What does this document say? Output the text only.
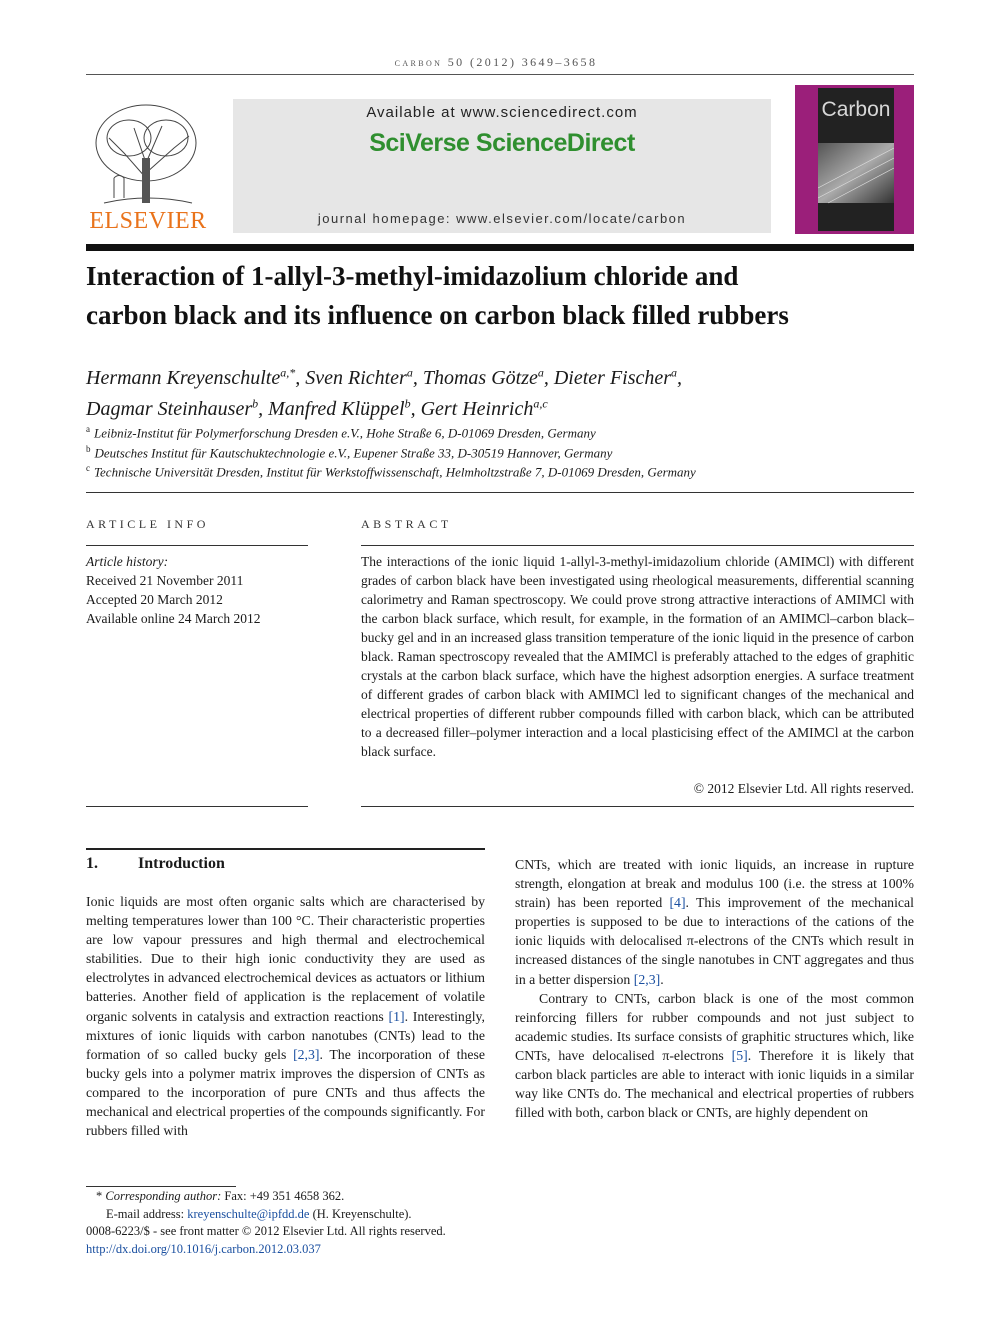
carbon 50 (2012) 3649–3658
ELSEVIER
Available at www.sciencedirect.com
SciVerse ScienceDirect
journal homepage: www.elsevier.com/locate/carbon
Carbon
Interaction of 1-allyl-3-methyl-imidazolium chloride and
carbon black and its influence on carbon black filled rubbers
Hermann Kreyenschulte$^{a,*}$, Sven Richter$^a$, Thomas Götze$^a$, Dieter Fischer$^a$,
Dagmar Steinhauser$^b$, Manfred Klüppel$^b$, Gert Heinrich$^{a,c}$
$^a$ Leibniz-Institut für Polymerforschung Dresden e.V., Hohe Straße 6, D-01069 Dresden, Germany
$^b$ Deutsches Institut für Kautschuktechnologie e.V., Eupener Straße 33, D-30519 Hannover, Germany
$^c$ Technische Universität Dresden, Institut für Werkstoffwissenschaft, Helmholtzstraße 7, D-01069 Dresden, Germany
ARTICLE INFO	ABSTRACT
Article history:
Received 21 November 2011
Accepted 20 March 2012
Available online 24 March 2012
The interactions of the ionic liquid 1-allyl-3-methyl-imidazolium chloride (AMIMCl) with different grades of carbon black have been investigated using rheological measurements, differential scanning calorimetry and Raman spectroscopy. We could prove strong attractive interactions of AMIMCl with the carbon black surface, which result, for example, in the formation of an AMIMCl–carbon black–bucky gel and in an increased glass transition temperature of the ionic liquid in the presence of carbon black. Raman spectroscopy revealed that the AMIMCl is preferably attached to the edges of graphitic crystals at the carbon black surface, which have the highest adsorption energies. A surface treatment of different grades of carbon black with AMIMCl led to significant changes of the mechanical and electrical properties of different rubber compounds filled with carbon black, which can be attributed to a decreased filler–polymer interaction and a local plasticising effect of the AMIMCl at the carbon black surface.
© 2012 Elsevier Ltd. All rights reserved.
1.	Introduction

Ionic liquids are most often organic salts which are characterised by melting temperatures lower than 100 °C. Their characteristic properties are low vapour pressures and high thermal and electrochemical stabilities. Due to their high ionic conductivity they are used as electrolytes in advanced electrochemical devices as actuators or lithium batteries. Another field of application is the replacement of volatile organic solvents in catalysis and extraction reactions [1]. Interestingly, mixtures of ionic liquids with carbon nanotubes (CNTs) lead to the formation of so called bucky gels [2,3]. The incorporation of these bucky gels into a polymer matrix improves the dispersion of CNTs as compared to the incorporation of pure CNTs and thus affects the mechanical and electrical properties of the compounds significantly. For rubbers filled with

CNTs, which are treated with ionic liquids, an increase in rupture strength, elongation at break and modulus 100 (i.e. the stress at 100% strain) has been reported [4]. This improvement of the mechanical properties is supposed to be due to interactions of the cations of the ionic liquids with delocalised π-electrons of the CNTs which result in increased distances of the single nanotubes in CNT aggregates and thus in a better dispersion [2,3].

Contrary to CNTs, carbon black is one of the most common reinforcing fillers for rubber compounds and not just subject to academic studies. Its surface consists of graphitic structures which, like CNTs, have delocalised π-electrons [5]. Therefore it is likely that carbon black particles are able to interact with ionic liquids in a similar way like CNTs do. The mechanical and electrical properties of rubbers filled with both, carbon black or CNTs, are highly dependent on

* Corresponding author: Fax: +49 351 4658 362.
E-mail address: kreyenschulte@ipfdd.de (H. Kreyenschulte).
0008-6223/$ - see front matter © 2012 Elsevier Ltd. All rights reserved.
http://dx.doi.org/10.1016/j.carbon.2012.03.037
